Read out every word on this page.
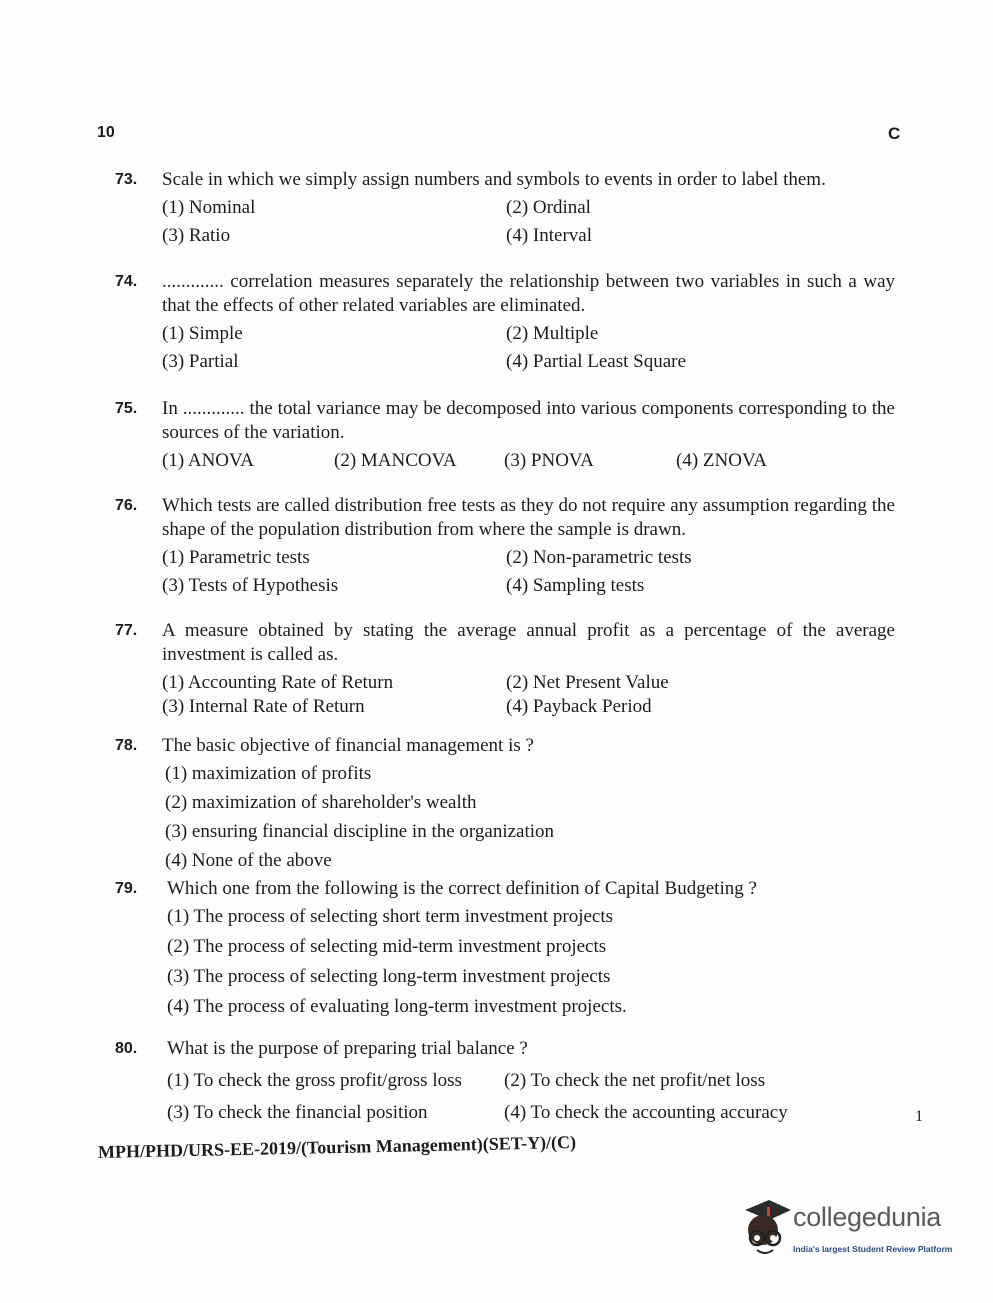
10	C
73. Scale in which we simply assign numbers and symbols to events in order to label them.
(1) Nominal	(2) Ordinal
(3) Ratio	(4) Interval
74. ............. correlation measures separately the relationship between two variables in such a way that the effects of other related variables are eliminated.
(1) Simple	(2) Multiple
(3) Partial	(4) Partial Least Square
75. In ............. the total variance may be decomposed into various components corresponding to the sources of the variation.
(1) ANOVA	(2) MANCOVA	(3) PNOVA	(4) ZNOVA
76. Which tests are called distribution free tests as they do not require any assumption regarding the shape of the population distribution from where the sample is drawn.
(1) Parametric tests	(2) Non-parametric tests
(3) Tests of Hypothesis	(4) Sampling tests
77. A measure obtained by stating the average annual profit as a percentage of the average investment is called as.
(1) Accounting Rate of Return	(2) Net Present Value
(3) Internal Rate of Return	(4) Payback Period
78. The basic objective of financial management is ?
(1) maximization of profits
(2) maximization of shareholder's wealth
(3) ensuring financial discipline in the organization
(4) None of the above
79. Which one from the following is the correct definition of Capital Budgeting ?
(1) The process of selecting short term investment projects
(2) The process of selecting mid-term investment projects
(3) The process of selecting long-term investment projects
(4) The process of evaluating long-term investment projects.
80. What is the purpose of preparing trial balance ?
(1) To check the gross profit/gross loss	(2) To check the net profit/net loss
(3) To check the financial position	(4) To check the accounting accuracy	1
MPH/PHD/URS-EE-2019/(Tourism Management)(SET-Y)/(C)
collegedunia
India's largest Student Review Platform
